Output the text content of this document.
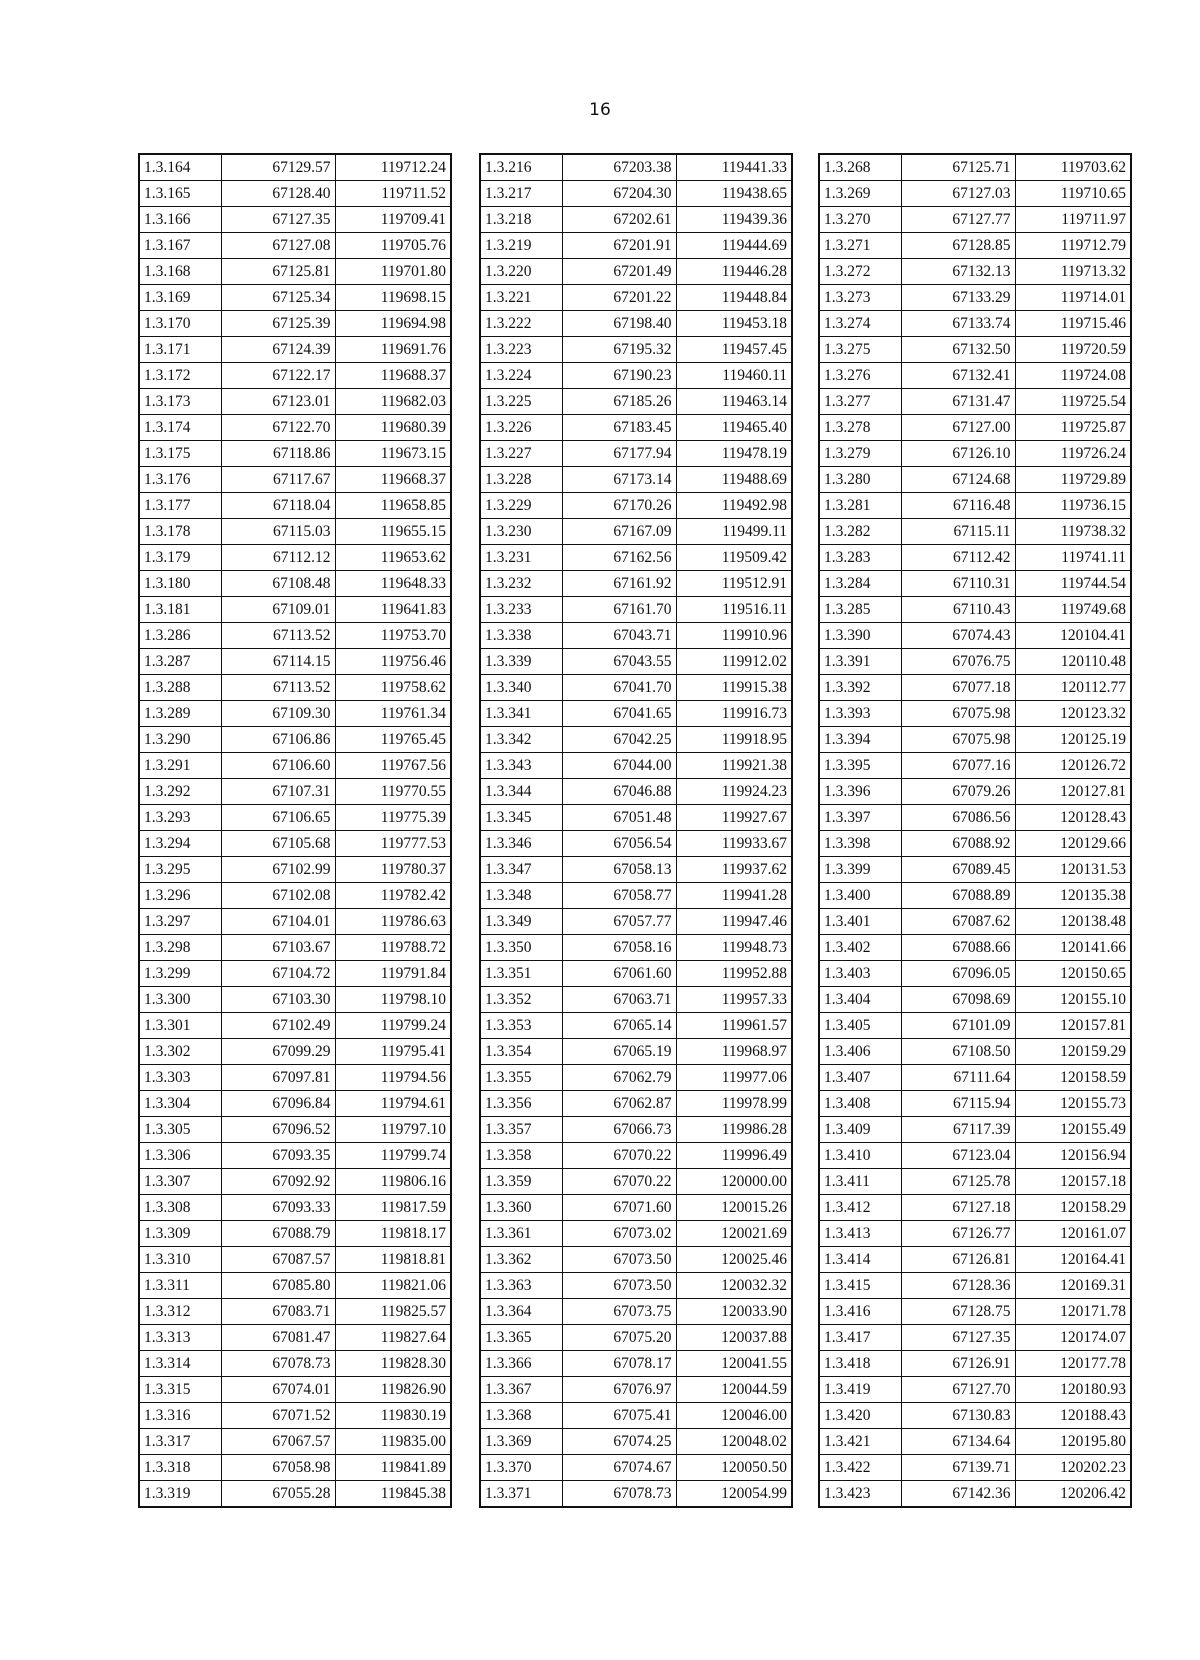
16
1.3.164	67129.57	119712.24
1.3.165	67128.40	119711.52
1.3.166	67127.35	119709.41
1.3.167	67127.08	119705.76
1.3.168	67125.81	119701.80
1.3.169	67125.34	119698.15
1.3.170	67125.39	119694.98
1.3.171	67124.39	119691.76
1.3.172	67122.17	119688.37
1.3.173	67123.01	119682.03
1.3.174	67122.70	119680.39
1.3.175	67118.86	119673.15
1.3.176	67117.67	119668.37
1.3.177	67118.04	119658.85
1.3.178	67115.03	119655.15
1.3.179	67112.12	119653.62
1.3.180	67108.48	119648.33
1.3.181	67109.01	119641.83
1.3.286	67113.52	119753.70
1.3.287	67114.15	119756.46
1.3.288	67113.52	119758.62
1.3.289	67109.30	119761.34
1.3.290	67106.86	119765.45
1.3.291	67106.60	119767.56
1.3.292	67107.31	119770.55
1.3.293	67106.65	119775.39
1.3.294	67105.68	119777.53
1.3.295	67102.99	119780.37
1.3.296	67102.08	119782.42
1.3.297	67104.01	119786.63
1.3.298	67103.67	119788.72
1.3.299	67104.72	119791.84
1.3.300	67103.30	119798.10
1.3.301	67102.49	119799.24
1.3.302	67099.29	119795.41
1.3.303	67097.81	119794.56
1.3.304	67096.84	119794.61
1.3.305	67096.52	119797.10
1.3.306	67093.35	119799.74
1.3.307	67092.92	119806.16
1.3.308	67093.33	119817.59
1.3.309	67088.79	119818.17
1.3.310	67087.57	119818.81
1.3.311	67085.80	119821.06
1.3.312	67083.71	119825.57
1.3.313	67081.47	119827.64
1.3.314	67078.73	119828.30
1.3.315	67074.01	119826.90
1.3.316	67071.52	119830.19
1.3.317	67067.57	119835.00
1.3.318	67058.98	119841.89
1.3.319	67055.28	119845.38
1.3.216	67203.38	119441.33
1.3.217	67204.30	119438.65
1.3.218	67202.61	119439.36
1.3.219	67201.91	119444.69
1.3.220	67201.49	119446.28
1.3.221	67201.22	119448.84
1.3.222	67198.40	119453.18
1.3.223	67195.32	119457.45
1.3.224	67190.23	119460.11
1.3.225	67185.26	119463.14
1.3.226	67183.45	119465.40
1.3.227	67177.94	119478.19
1.3.228	67173.14	119488.69
1.3.229	67170.26	119492.98
1.3.230	67167.09	119499.11
1.3.231	67162.56	119509.42
1.3.232	67161.92	119512.91
1.3.233	67161.70	119516.11
1.3.338	67043.71	119910.96
1.3.339	67043.55	119912.02
1.3.340	67041.70	119915.38
1.3.341	67041.65	119916.73
1.3.342	67042.25	119918.95
1.3.343	67044.00	119921.38
1.3.344	67046.88	119924.23
1.3.345	67051.48	119927.67
1.3.346	67056.54	119933.67
1.3.347	67058.13	119937.62
1.3.348	67058.77	119941.28
1.3.349	67057.77	119947.46
1.3.350	67058.16	119948.73
1.3.351	67061.60	119952.88
1.3.352	67063.71	119957.33
1.3.353	67065.14	119961.57
1.3.354	67065.19	119968.97
1.3.355	67062.79	119977.06
1.3.356	67062.87	119978.99
1.3.357	67066.73	119986.28
1.3.358	67070.22	119996.49
1.3.359	67070.22	120000.00
1.3.360	67071.60	120015.26
1.3.361	67073.02	120021.69
1.3.362	67073.50	120025.46
1.3.363	67073.50	120032.32
1.3.364	67073.75	120033.90
1.3.365	67075.20	120037.88
1.3.366	67078.17	120041.55
1.3.367	67076.97	120044.59
1.3.368	67075.41	120046.00
1.3.369	67074.25	120048.02
1.3.370	67074.67	120050.50
1.3.371	67078.73	120054.99
1.3.268	67125.71	119703.62
1.3.269	67127.03	119710.65
1.3.270	67127.77	119711.97
1.3.271	67128.85	119712.79
1.3.272	67132.13	119713.32
1.3.273	67133.29	119714.01
1.3.274	67133.74	119715.46
1.3.275	67132.50	119720.59
1.3.276	67132.41	119724.08
1.3.277	67131.47	119725.54
1.3.278	67127.00	119725.87
1.3.279	67126.10	119726.24
1.3.280	67124.68	119729.89
1.3.281	67116.48	119736.15
1.3.282	67115.11	119738.32
1.3.283	67112.42	119741.11
1.3.284	67110.31	119744.54
1.3.285	67110.43	119749.68
1.3.390	67074.43	120104.41
1.3.391	67076.75	120110.48
1.3.392	67077.18	120112.77
1.3.393	67075.98	120123.32
1.3.394	67075.98	120125.19
1.3.395	67077.16	120126.72
1.3.396	67079.26	120127.81
1.3.397	67086.56	120128.43
1.3.398	67088.92	120129.66
1.3.399	67089.45	120131.53
1.3.400	67088.89	120135.38
1.3.401	67087.62	120138.48
1.3.402	67088.66	120141.66
1.3.403	67096.05	120150.65
1.3.404	67098.69	120155.10
1.3.405	67101.09	120157.81
1.3.406	67108.50	120159.29
1.3.407	67111.64	120158.59
1.3.408	67115.94	120155.73
1.3.409	67117.39	120155.49
1.3.410	67123.04	120156.94
1.3.411	67125.78	120157.18
1.3.412	67127.18	120158.29
1.3.413	67126.77	120161.07
1.3.414	67126.81	120164.41
1.3.415	67128.36	120169.31
1.3.416	67128.75	120171.78
1.3.417	67127.35	120174.07
1.3.418	67126.91	120177.78
1.3.419	67127.70	120180.93
1.3.420	67130.83	120188.43
1.3.421	67134.64	120195.80
1.3.422	67139.71	120202.23
1.3.423	67142.36	120206.42
